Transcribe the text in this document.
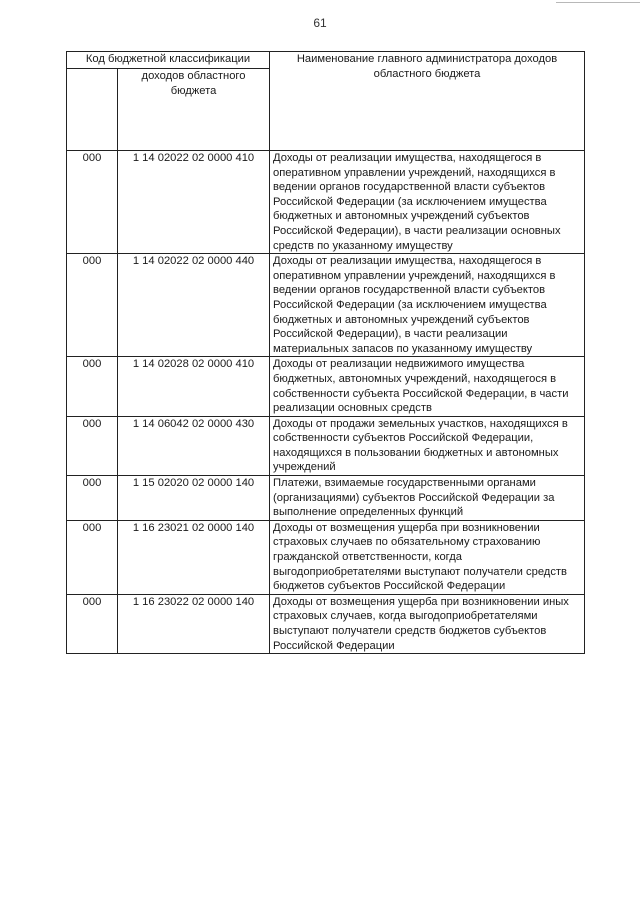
61
Код бюджетной классификации		Наименование главного администратора доходов областного бюджета
	доходов областного бюджета	
000	1 14 02022 02 0000 410	Доходы от реализации имущества, находящегося в оперативном управлении учреждений, находящихся в ведении органов государственной власти субъектов Российской Федерации (за исключением имущества бюджетных и автономных учреждений субъектов Российской Федерации), в части реализации основных средств по указанному имуществу
000	1 14 02022 02 0000 440	Доходы от реализации имущества, находящегося в оперативном управлении учреждений, находящихся в ведении органов государственной власти субъектов Российской Федерации (за исключением имущества бюджетных и автономных учреждений субъектов Российской Федерации), в части реализации материальных запасов по указанному имуществу
000	1 14 02028 02 0000 410	Доходы от реализации недвижимого имущества бюджетных, автономных учреждений, находящегося в собственности субъекта Российской Федерации, в части реализации основных средств
000	1 14 06042 02 0000 430	Доходы от продажи земельных участков, находящихся в собственности субъектов Российской Федерации, находящихся в пользовании бюджетных и автономных учреждений
000	1 15 02020 02 0000 140	Платежи, взимаемые государственными органами (организациями) субъектов Российской Федерации за выполнение определенных функций
000	1 16 23021 02 0000 140	Доходы от возмещения ущерба при возникновении страховых случаев по обязательному страхованию гражданской ответственности, когда выгодоприобретателями выступают получатели средств бюджетов субъектов Российской Федерации
000	1 16 23022 02 0000 140	Доходы от возмещения ущерба при возникновении иных страховых случаев, когда выгодоприобретателями выступают получатели средств бюджетов субъектов Российской Федерации
